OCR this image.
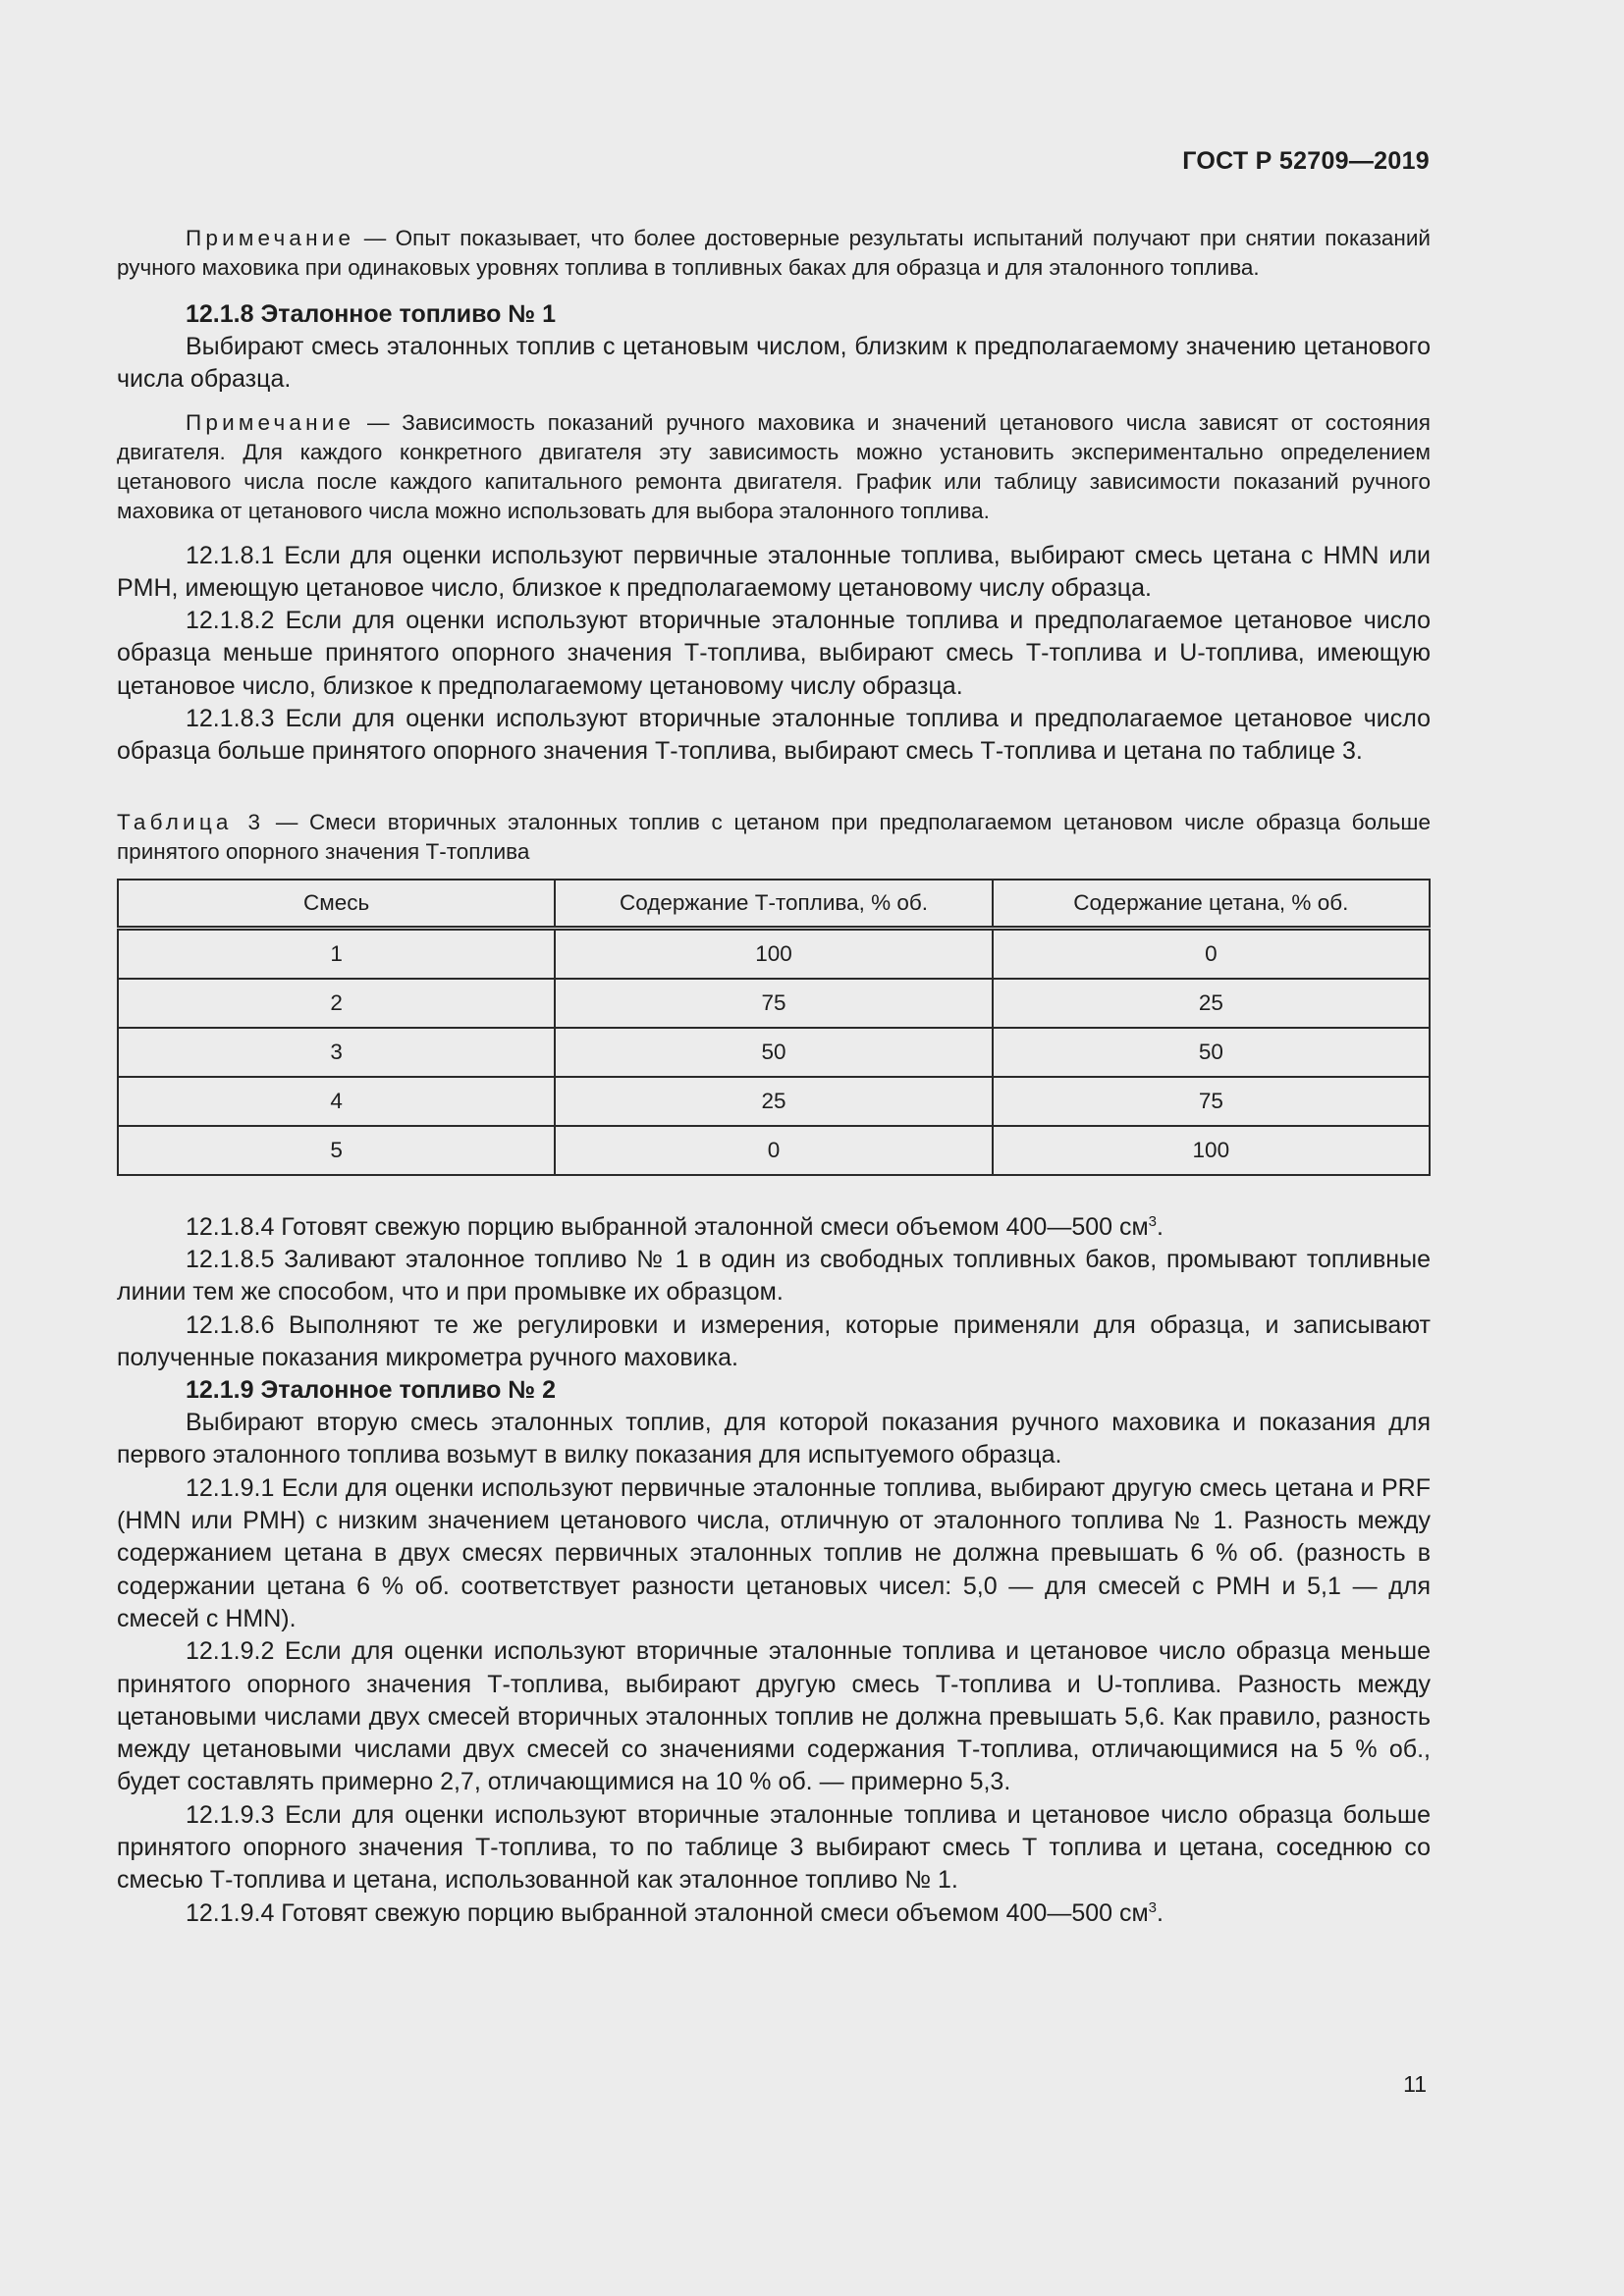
ГОСТ Р 52709—2019

Примечание — Опыт показывает, что более достоверные результаты испытаний получают при снятии показаний ручного маховика при одинаковых уровнях топлива в топливных баках для образца и для эталонного топлива.

12.1.8 Эталонное топливо № 1

Выбирают смесь эталонных топлив с цетановым числом, близким к предполагаемому значению цетанового числа образца.

Примечание — Зависимость показаний ручного маховика и значений цетанового числа зависят от состояния двигателя. Для каждого конкретного двигателя эту зависимость можно установить экспериментально определением цетанового числа после каждого капитального ремонта двигателя. График или таблицу зависимости показаний ручного маховика от цетанового числа можно использовать для выбора эталонного топлива.

12.1.8.1 Если для оценки используют первичные эталонные топлива, выбирают смесь цетана с HMN или PMH, имеющую цетановое число, близкое к предполагаемому цетановому числу образца.

12.1.8.2 Если для оценки используют вторичные эталонные топлива и предполагаемое цетановое число образца меньше принятого опорного значения Т-топлива, выбирают смесь Т-топлива и U-топлива, имеющую цетановое число, близкое к предполагаемому цетановому числу образца.

12.1.8.3 Если для оценки используют вторичные эталонные топлива и предполагаемое цетановое число образца больше принятого опорного значения Т-топлива, выбирают смесь Т-топлива и цетана по таблице 3.

Таблица 3 — Смеси вторичных эталонных топлив с цетаном при предполагаемом цетановом числе образца больше принятого опорного значения Т-топлива

Смесь	Содержание Т-топлива, % об.	Содержание цетана, % об.
1	100	0
2	75	25
3	50	50
4	25	75
5	0	100

12.1.8.4 Готовят свежую порцию выбранной эталонной смеси объемом 400—500 $см^3$.

12.1.8.5 Заливают эталонное топливо № 1 в один из свободных топливных баков, промывают топливные линии тем же способом, что и при промывке их образцом.

12.1.8.6 Выполняют те же регулировки и измерения, которые применяли для образца, и записывают полученные показания микрометра ручного маховика.

12.1.9 Эталонное топливо № 2

Выбирают вторую смесь эталонных топлив, для которой показания ручного маховика и показания для первого эталонного топлива возьмут в вилку показания для испытуемого образца.

12.1.9.1 Если для оценки используют первичные эталонные топлива, выбирают другую смесь цетана и PRF (HMN или PMH) с низким значением цетанового числа, отличную от эталонного топлива № 1. Разность между содержанием цетана в двух смесях первичных эталонных топлив не должна превышать 6 % об. (разность в содержании цетана 6 % об. соответствует разности цетановых чисел: 5,0 — для смесей с PMH и 5,1 — для смесей с HMN).

12.1.9.2 Если для оценки используют вторичные эталонные топлива и цетановое число образца меньше принятого опорного значения Т-топлива, выбирают другую смесь Т-топлива и U-топлива. Разность между цетановыми числами двух смесей вторичных эталонных топлив не должна превышать 5,6. Как правило, разность между цетановыми числами двух смесей со значениями содержания Т-топлива, отличающимися на 5 % об., будет составлять примерно 2,7, отличающимися на 10 % об. — примерно 5,3.

12.1.9.3 Если для оценки используют вторичные эталонные топлива и цетановое число образца больше принятого опорного значения Т-топлива, то по таблице 3 выбирают смесь Т топлива и цетана, соседнюю со смесью Т-топлива и цетана, использованной как эталонное топливо № 1.

12.1.9.4 Готовят свежую порцию выбранной эталонной смеси объемом 400—500 $см^3$.

11
